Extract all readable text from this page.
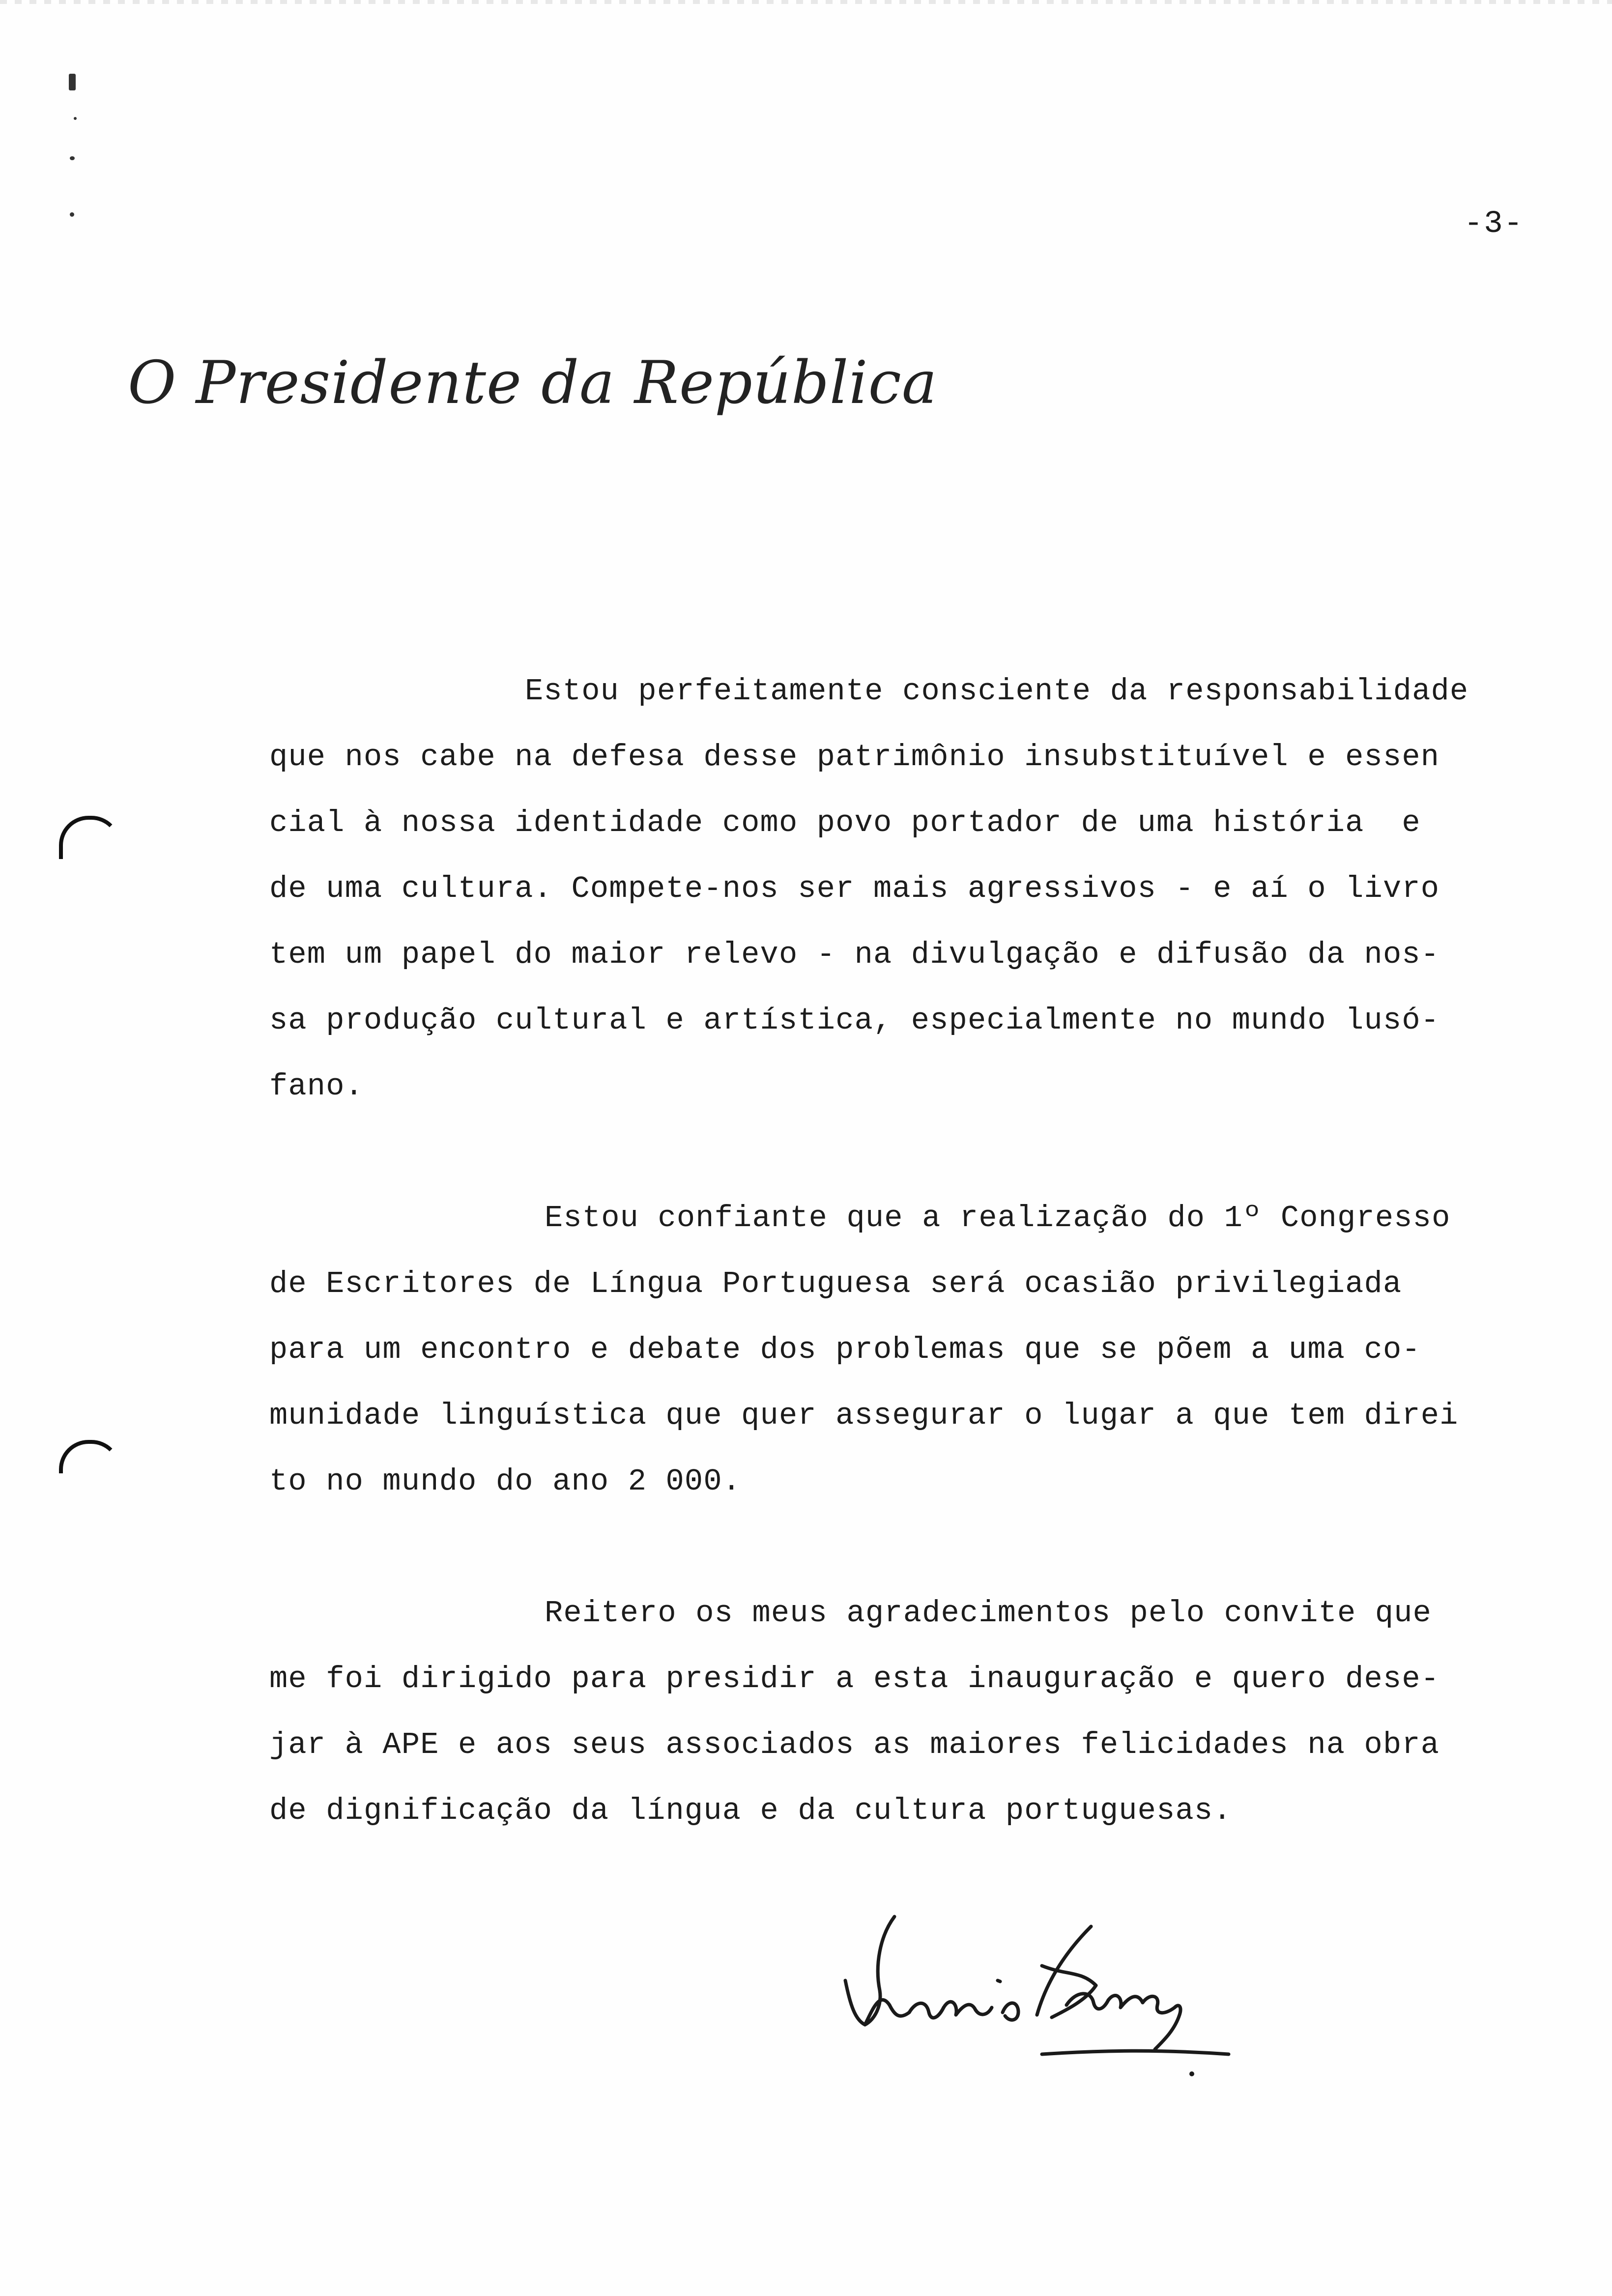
-3-
O Presidente da República
Estou perfeitamente consciente da responsabilidade
que nos cabe na defesa desse patrimônio insubstituível e essen
cial à nossa identidade como povo portador de uma história  e
de uma cultura. Compete-nos ser mais agressivos - e aí o livro
tem um papel do maior relevo - na divulgação e difusão da nos-
sa produção cultural e artística, especialmente no mundo lusó-
fano.
Estou confiante que a realização do 1º Congresso
de Escritores de Língua Portuguesa será ocasião privilegiada
para um encontro e debate dos problemas que se põem a uma co-
munidade linguística que quer assegurar o lugar a que tem direi
to no mundo do ano 2 000.
Reitero os meus agradecimentos pelo convite que
me foi dirigido para presidir a esta inauguração e quero dese-
jar à APE e aos seus associados as maiores felicidades na obra
de dignificação da língua e da cultura portuguesas.
Mário Soares
